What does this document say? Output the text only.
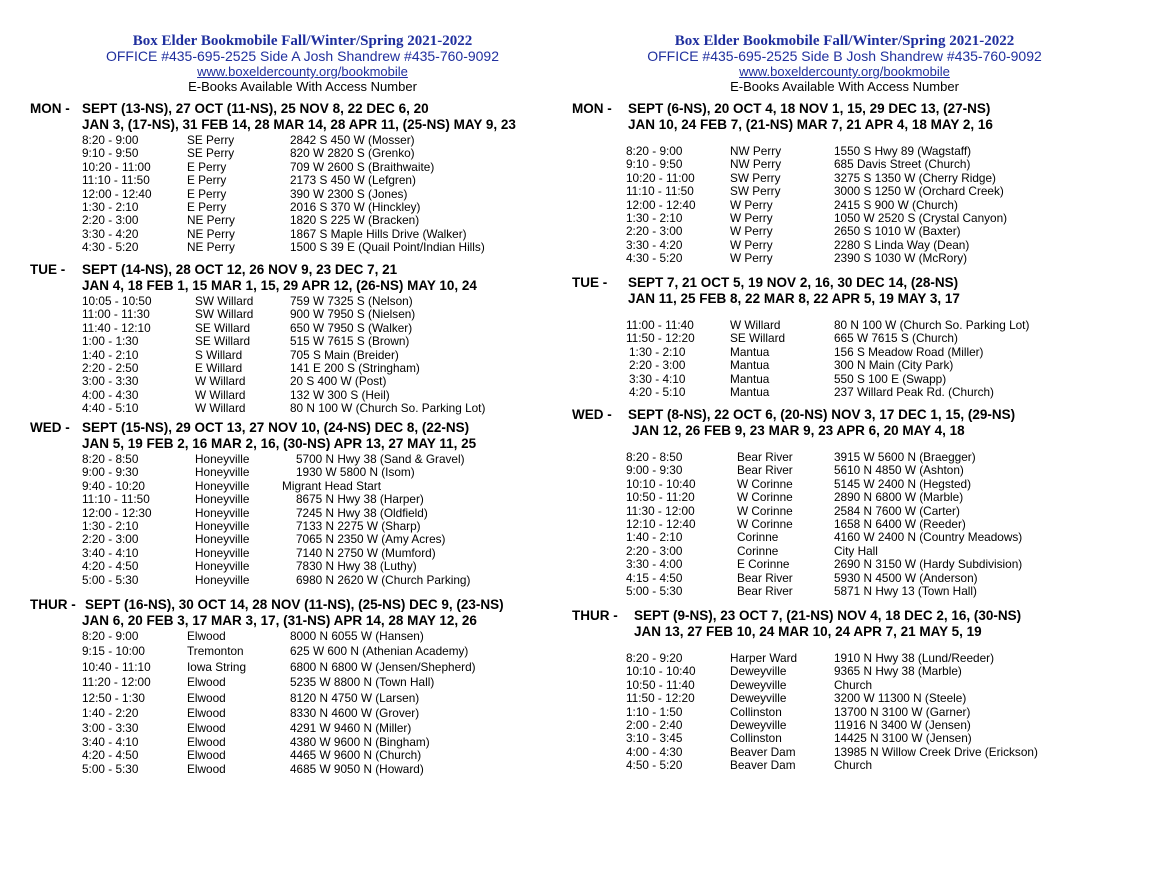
Box Elder Bookmobile Fall/Winter/Spring 2021-2022
OFFICE #435-695-2525 Side A Josh Shandrew #435-760-9092
www.boxeldercounty.org/bookmobile
E-Books Available With Access Number
MON - SEPT (13-NS), 27 OCT (11-NS), 25 NOV 8, 22 DEC 6, 20
JAN 3, (17-NS), 31 FEB 14, 28 MAR 14, 28 APR 11, (25-NS) MAY 9, 23
8:20 - 9:00	SE Perry	2842 S 450 W (Mosser)
9:10 - 9:50	SE Perry	820 W 2820 S (Grenko)
10:20 - 11:00	E Perry	709 W 2600 S (Braithwaite)
11:10 - 11:50	E Perry	2173 S 450 W (Lefgren)
12:00 - 12:40	E Perry	390 W 2300 S (Jones)
1:30 - 2:10	E Perry	2016 S 370 W (Hinckley)
2:20 - 3:00	NE Perry	1820 S 225 W (Bracken)
3:30 - 4:20	NE Perry	1867 S Maple Hills Drive (Walker)
4:30 - 5:20	NE Perry	1500 S 39 E (Quail Point/Indian Hills)
TUE - SEPT (14-NS), 28 OCT 12, 26 NOV 9, 23 DEC 7, 21
JAN 4, 18 FEB 1, 15 MAR 1, 15, 29 APR 12, (26-NS) MAY 10, 24
10:05 - 10:50	SW Willard	759 W 7325 S (Nelson)
11:00 - 11:30	SW Willard	900 W 7950 S (Nielsen)
11:40 - 12:10	SE Willard	650 W 7950 S (Walker)
1:00 - 1:30	SE Willard	515 W 7615 S (Brown)
1:40 - 2:10	S Willard	705 S Main (Breider)
2:20 - 2:50	E Willard	141 E 200 S (Stringham)
3:00 - 3:30	W Willard	20 S 400 W (Post)
4:00 - 4:30	W Willard	132 W 300 S (Heil)
4:40 - 5:10	W Willard	80 N 100 W (Church So. Parking Lot)
WED - SEPT (15-NS), 29 OCT 13, 27 NOV 10, (24-NS) DEC 8, (22-NS)
JAN 5, 19 FEB 2, 16 MAR 2, 16, (30-NS) APR 13, 27 MAY 11, 25
8:20 - 8:50	Honeyville	5700 N Hwy 38 (Sand & Gravel)
9:00 - 9:30	Honeyville	1930 W 5800 N (Isom)
9:40 - 10:20	Honeyville	Migrant Head Start
11:10 - 11:50	Honeyville	8675 N Hwy 38 (Harper)
12:00 - 12:30	Honeyville	7245 N Hwy 38 (Oldfield)
1:30 - 2:10	Honeyville	7133 N 2275 W (Sharp)
2:20 - 3:00	Honeyville	7065 N 2350 W (Amy Acres)
3:40 - 4:10	Honeyville	7140 N 2750 W (Mumford)
4:20 - 4:50	Honeyville	7830 N Hwy 38 (Luthy)
5:00 - 5:30	Honeyville	6980 N 2620 W (Church Parking)
THUR - SEPT (16-NS), 30 OCT 14, 28 NOV (11-NS), (25-NS) DEC 9, (23-NS)
JAN 6, 20 FEB 3, 17 MAR 3, 17, (31-NS) APR 14, 28 MAY 12, 26
8:20 - 9:00	Elwood	8000 N 6055 W (Hansen)
9:15 - 10:00	Tremonton	625 W 600 N (Athenian Academy)
10:40 - 11:10	Iowa String	6800 N 6800 W (Jensen/Shepherd)
11:20 - 12:00	Elwood	5235 W 8800 N (Town Hall)
12:50 - 1:30	Elwood	8120 N 4750 W (Larsen)
1:40 - 2:20	Elwood	8330 N 4600 W (Grover)
3:00 - 3:30	Elwood	4291 W 9460 N (Miller)
3:40 - 4:10	Elwood	4380 W 9600 N (Bingham)
4:20 - 4:50	Elwood	4465 W 9600 N (Church)
5:00 - 5:30	Elwood	4685 W 9050 N (Howard)
Box Elder Bookmobile Fall/Winter/Spring 2021-2022
OFFICE #435-695-2525 Side B Josh Shandrew #435-760-9092
www.boxeldercounty.org/bookmobile
E-Books Available With Access Number
MON - SEPT (6-NS), 20 OCT 4, 18 NOV 1, 15, 29 DEC 13, (27-NS)
JAN 10, 24 FEB 7, (21-NS) MAR 7, 21 APR 4, 18 MAY 2, 16
8:20 - 9:00	NW Perry	1550 S Hwy 89 (Wagstaff)
9:10 - 9:50	NW Perry	685 Davis Street (Church)
10:20 - 11:00	SW Perry	3275 S 1350 W (Cherry Ridge)
11:10 - 11:50	SW Perry	3000 S 1250 W (Orchard Creek)
12:00 - 12:40	W Perry	2415 S 900 W (Church)
1:30 - 2:10	W Perry	1050 W 2520 S (Crystal Canyon)
2:20 - 3:00	W Perry	2650 S 1010 W (Baxter)
3:30 - 4:20	W Perry	2280 S Linda Way (Dean)
4:30 - 5:20	W Perry	2390 S 1030 W (McRory)
TUE - SEPT 7, 21 OCT 5, 19 NOV 2, 16, 30 DEC 14, (28-NS)
JAN 11, 25 FEB 8, 22 MAR 8, 22 APR 5, 19 MAY 3, 17
11:00 - 11:40	W Willard	80 N 100 W (Church So. Parking Lot)
11:50 - 12:20	SE Willard	665 W 7615 S (Church)
1:30 - 2:10	Mantua	156 S Meadow Road (Miller)
2:20 - 3:00	Mantua	300 N Main (City Park)
3:30 - 4:10	Mantua	550 S 100 E (Swapp)
4:20 - 5:10	Mantua	237 Willard Peak Rd. (Church)
WED - SEPT (8-NS), 22 OCT 6, (20-NS) NOV 3, 17 DEC 1, 15, (29-NS)
JAN 12, 26 FEB 9, 23 MAR 9, 23 APR 6, 20 MAY 4, 18
8:20 - 8:50	Bear River	3915 W 5600 N (Braegger)
9:00 - 9:30	Bear River	5610 N 4850 W (Ashton)
10:10 - 10:40	W Corinne	5145 W 2400 N (Hegsted)
10:50 - 11:20	W Corinne	2890 N 6800 W (Marble)
11:30 - 12:00	W Corinne	2584 N 7600 W (Carter)
12:10 - 12:40	W Corinne	1658 N 6400 W (Reeder)
1:40 - 2:10	Corinne	4160 W 2400 N (Country Meadows)
2:20 - 3:00	Corinne	City Hall
3:30 - 4:00	E Corinne	2690 N 3150 W (Hardy Subdivision)
4:15 - 4:50	Bear River	5930 N 4500 W (Anderson)
5:00 - 5:30	Bear River	5871 N Hwy 13 (Town Hall)
THUR - SEPT (9-NS), 23 OCT 7, (21-NS) NOV 4, 18 DEC 2, 16, (30-NS)
JAN 13, 27 FEB 10, 24 MAR 10, 24 APR 7, 21 MAY 5, 19
8:20 - 9:20	Harper Ward	1910 N Hwy 38 (Lund/Reeder)
10:10 - 10:40	Deweyville	9365 N Hwy 38 (Marble)
10:50 - 11:40	Deweyville	Church
11:50 - 12:20	Deweyville	3200 W 11300 N (Steele)
1:10 - 1:50	Collinston	13700 N 3100 W (Garner)
2:00 - 2:40	Deweyville	11916 N 3400 W (Jensen)
3:10 - 3:45	Collinston	14425 N 3100 W (Jensen)
4:00 - 4:30	Beaver Dam	13985 N Willow Creek Drive (Erickson)
4:50 - 5:20	Beaver Dam	Church
